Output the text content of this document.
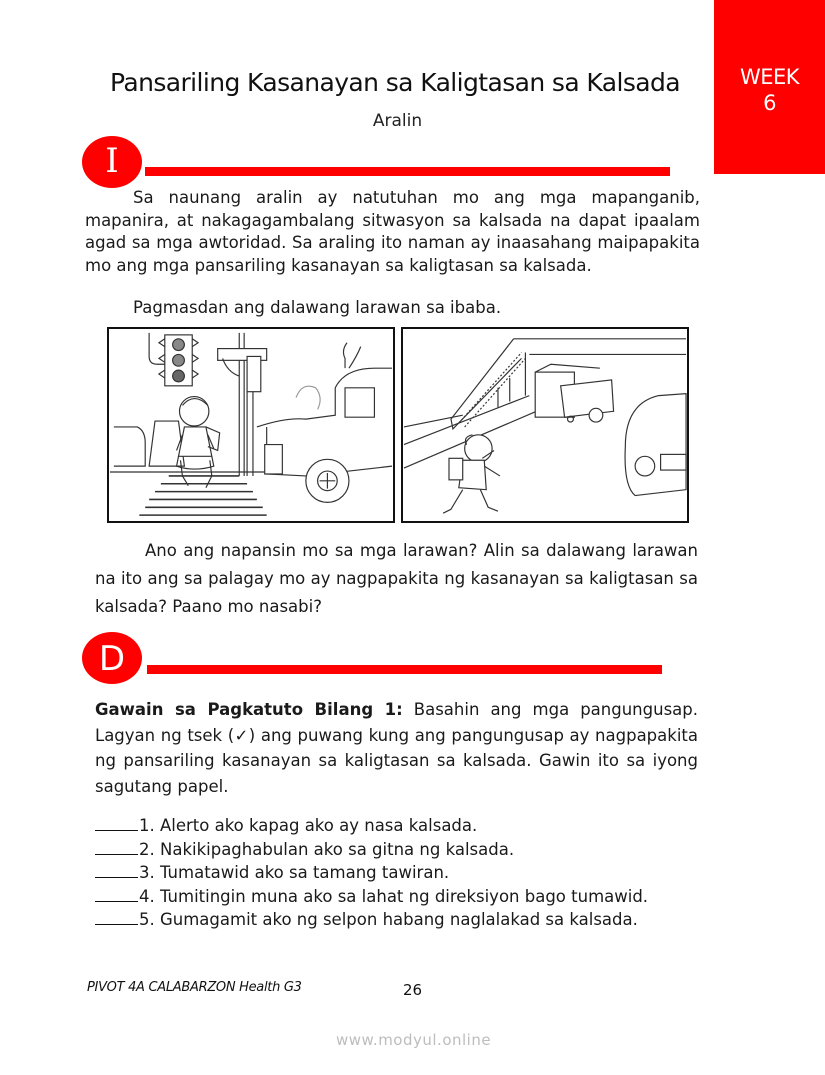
WEEK
6
Pansariling Kasanayan sa Kaligtasan sa Kalsada
Aralin
I

Sa naunang aralin ay natutuhan mo ang mga mapanganib, mapanira, at nakagagambalang sitwasyon sa kalsada na dapat ipaalam agad sa mga awtoridad. Sa araling ito naman ay inaasahang maipapakita mo ang mga pansariling kasanayan sa kaligtasan sa kalsada.

Pagmasdan ang dalawang larawan sa ibaba.

Ano ang napansin mo sa mga larawan? Alin sa dalawang larawan na ito ang sa palagay mo ay nagpapakita ng kasanayan sa kaligtasan sa kalsada? Paano mo nasabi?

D

Gawain sa Pagkatuto Bilang 1: Basahin ang mga pangungusap. Lagyan ng tsek (✓) ang puwang kung ang pangungusap ay nagpapakita ng pansariling kasanayan sa kaligtasan sa kalsada. Gawin ito sa iyong sagutang papel.

1. Alerto ako kapag ako ay nasa kalsada.
2. Nakikipaghabulan ako sa gitna ng kalsada.
3. Tumatawid ako sa tamang tawiran.
4. Tumitingin muna ako sa lahat ng direksiyon bago tumawid.
5. Gumagamit ako ng selpon habang naglalakad sa kalsada.
PIVOT 4A CALABARZON Health G3	26
www.modyul.online
